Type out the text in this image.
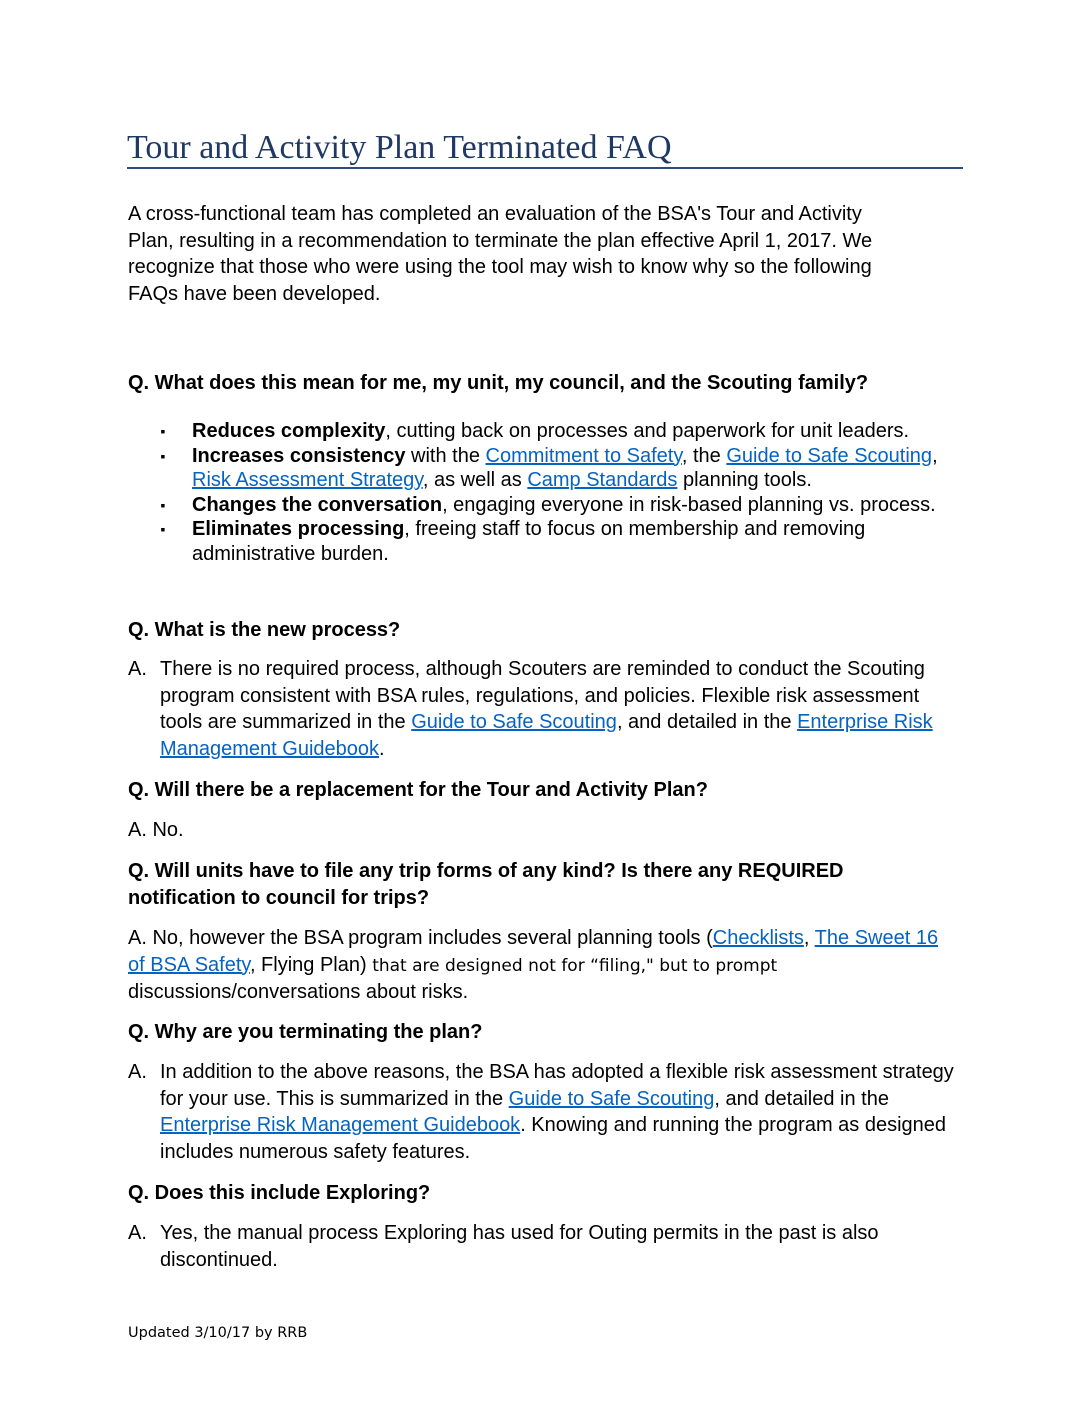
Tour and Activity Plan Terminated FAQ
A cross-functional team has completed an evaluation of the BSA's Tour and Activity
Plan, resulting in a recommendation to terminate the plan effective April 1, 2017. We
recognize that those who were using the tool may wish to know why so the following
FAQs have been developed.
Q. What does this mean for me, my unit, my council, and the Scouting family?
▪ Reduces complexity, cutting back on processes and paperwork for unit leaders.
▪ Increases consistency with the Commitment to Safety, the Guide to Safe Scouting, Risk Assessment Strategy, as well as Camp Standards planning tools.
▪ Changes the conversation, engaging everyone in risk-based planning vs. process.
▪ Eliminates processing, freeing staff to focus on membership and removing administrative burden.
Q. What is the new process?
A. There is no required process, although Scouters are reminded to conduct the Scouting program consistent with BSA rules, regulations, and policies. Flexible risk assessment tools are summarized in the Guide to Safe Scouting, and detailed in the Enterprise Risk Management Guidebook.
Q. Will there be a replacement for the Tour and Activity Plan?
A. No.
Q. Will units have to file any trip forms of any kind? Is there any REQUIRED
notification to council for trips?
A. No, however the BSA program includes several planning tools (Checklists, The Sweet 16 of BSA Safety, Flying Plan) that are designed not for “filing," but to prompt discussions/conversations about risks.
Q. Why are you terminating the plan?
A. In addition to the above reasons, the BSA has adopted a flexible risk assessment strategy for your use. This is summarized in the Guide to Safe Scouting, and detailed in the Enterprise Risk Management Guidebook. Knowing and running the program as designed includes numerous safety features.
Q. Does this include Exploring?
A. Yes, the manual process Exploring has used for Outing permits in the past is also discontinued.
Updated 3/10/17 by RRB
